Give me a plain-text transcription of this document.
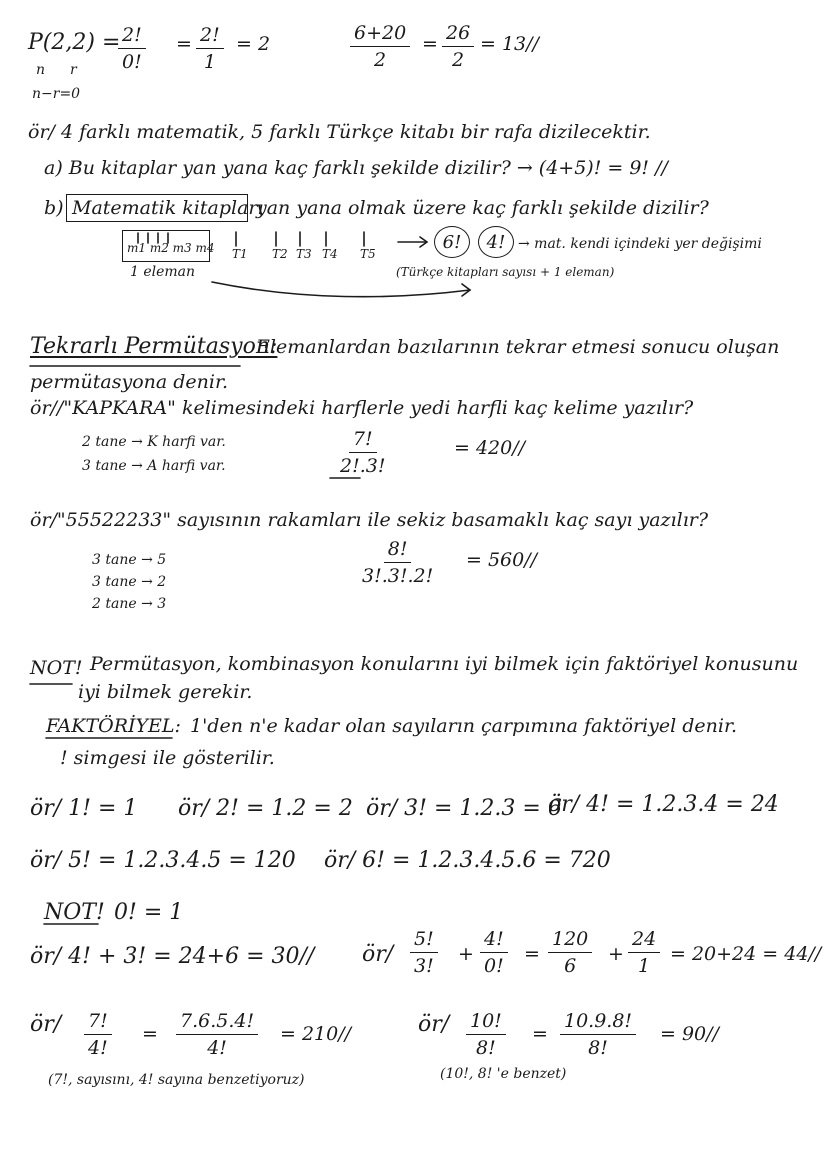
P(2,2) =
n r
n−r=0
$\frac{2!}{0!} = \frac{2!}{1} = 2$	$\frac{6+20}{2} = \frac{26}{2} = 13//$
ör/ 4 farklı matematik, 5 farklı Türkçe kitabı bir rafa dizilecektir.
a) Bu kitaplar yan yana kaç farklı şekilde dizilir? → (4+5)! = 9! //
b) Matematik kitapları
yan yana olmak üzere kaç farklı şekilde dizilir?
m1 m2 m3 m4 T1 T2 T3 T4 T5
6!	4! → mat. kendi içindeki yer değişimi
1 eleman	(Türkçe kitapları sayısı + 1 eleman)
Tekrarlı Permütasyon:
Elemanlardan bazılarının tekrar etmesi sonucu oluşan
permütasyona denir.
ör//"KAPKARA" kelimesindeki harflerle yedi harfli kaç kelime yazılır?
2 tane → K harfi var.
3 tane → A harfi var.	$\frac{7!}{2!.3!}$	= 420//
ör/"55522233" sayısının rakamları ile sekiz basamaklı kaç sayı yazılır?
3 tane → 5
3 tane → 2
2 tane → 3
$\frac{8!}{3!.3!.2!} = 560//$
NOT! Permütasyon, kombinasyon konularını iyi bilmek için faktöriyel konusunu
iyi bilmek gerekir.
FAKTÖRİYEL: 1'den n'e kadar olan sayıların çarpımına faktöriyel denir.
! simgesi ile gösterilir.
ör/ 1! = 1 ör/ 2! = 1.2 = 2 ör/ 3! = 1.2.3 = 6
ör/ 4! = 1.2.3.4 = 24
ör/ 5! = 1.2.3.4.5 = 120 ör/ 6! = 1.2.3.4.5.6 = 720
NOT! 0! = 1
ör/ 4! + 3! = 24+6 = 30// ör/ $\frac{5!}{3!} + \frac{4!}{0!} = \frac{120}{6} + \frac{24}{1} = 20+24 = 44//$
ör/ $\frac{7!}{4!} = \frac{7.6.5.4!}{4!} = 210//$
(7!, sayısını, 4! sayına benzetiyoruz)
ör/ $\frac{10!}{8!} = \frac{10.9.8!}{8!} = 90//$
(10!, 8! 'e benzet)
